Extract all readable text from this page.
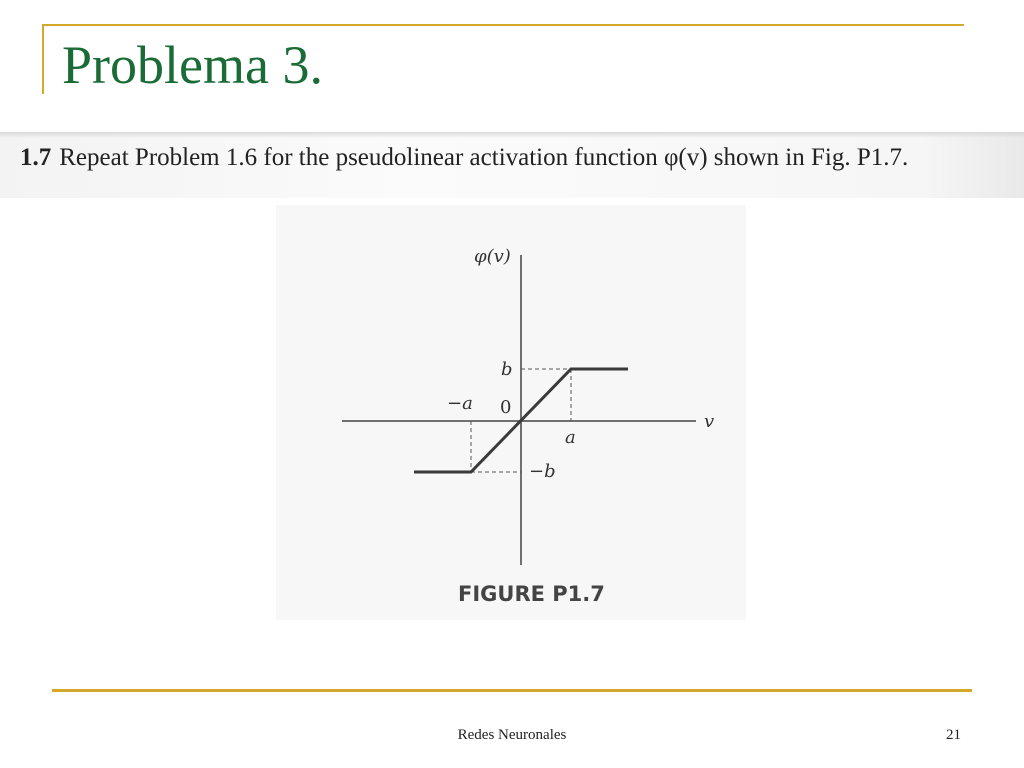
Problema 3.
1.7 Repeat Problem 1.6 for the pseudolinear activation function φ(v) shown in Fig. P1.7.
φ(v)
v
0
b
−b
a
−a
FIGURE P1.7
Redes Neuronales	21
